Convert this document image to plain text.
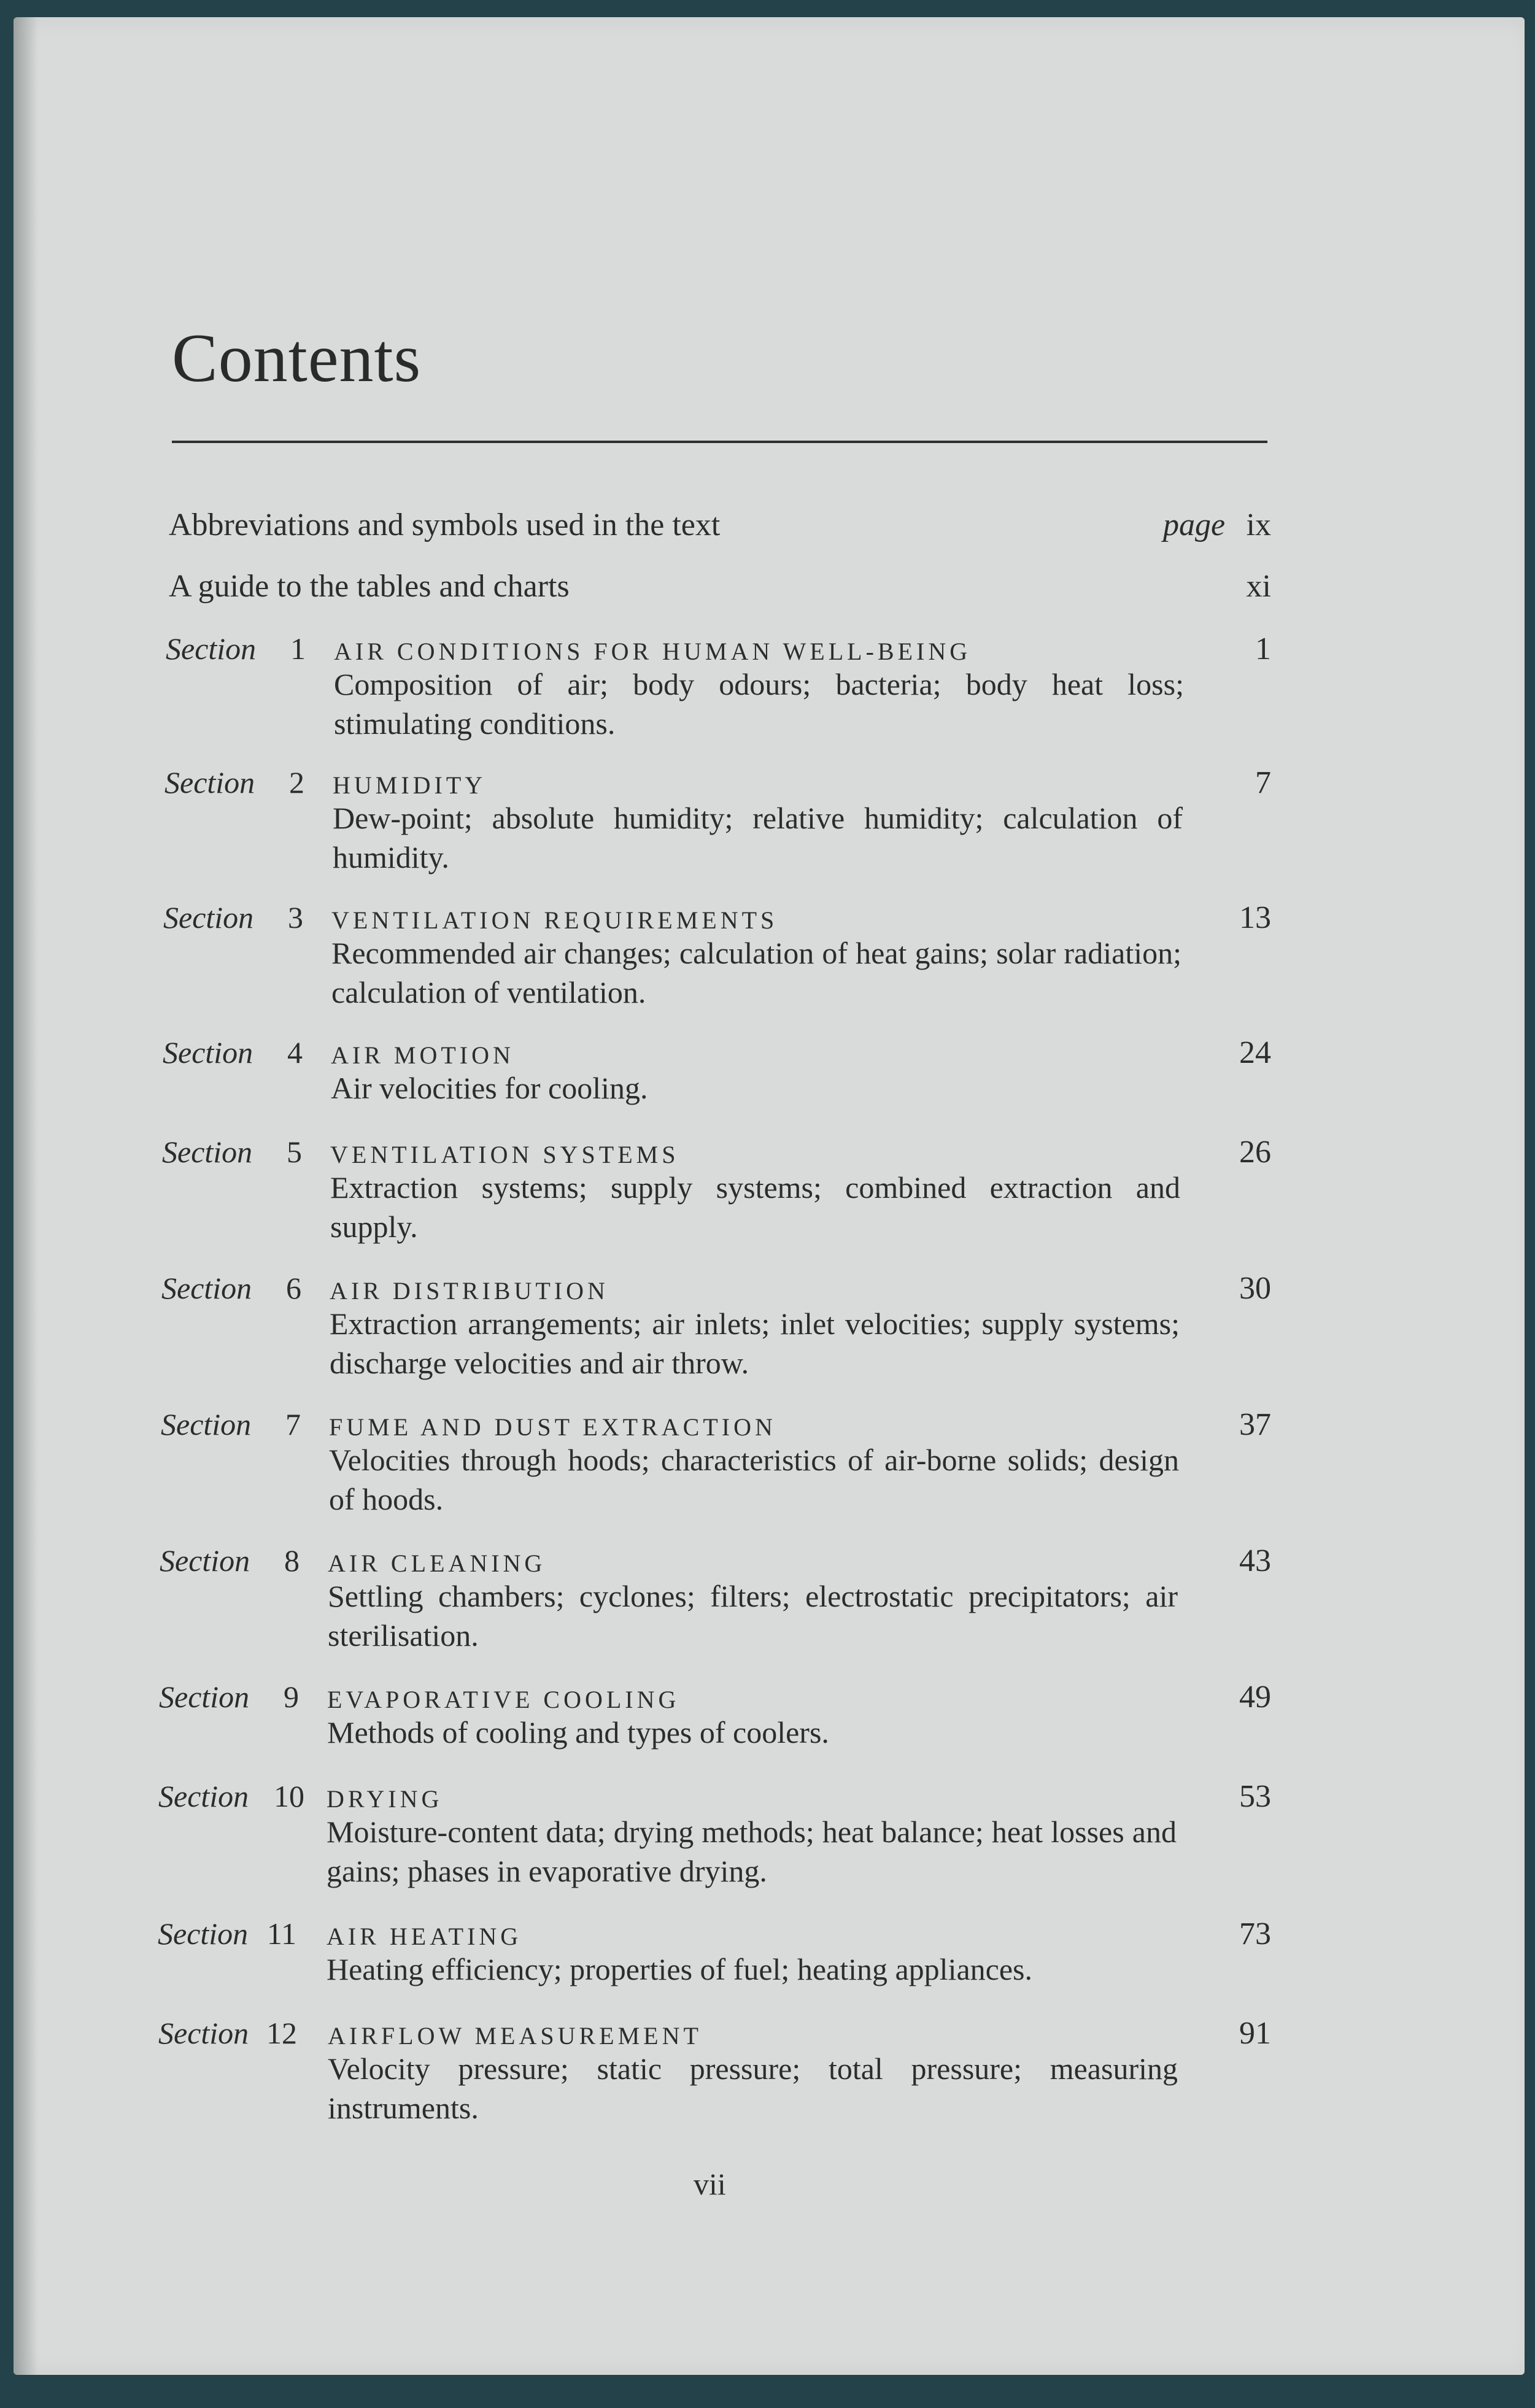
Contents
Abbreviations and symbols used in the text	page ix
A guide to the tables and charts	xi
Section	1 AIR CONDITIONS FOR HUMAN WELL-BEING	1
Composition of air; body odours; bacteria; body heat loss; stimulating conditions.
Section	2 HUMIDITY	7
Dew-point; absolute humidity; relative humidity; calculation of humidity.
Section	3 VENTILATION REQUIREMENTS	13
Recommended air changes; calculation of heat gains; solar radiation; calculation of ventilation.
Section	4 AIR MOTION	24
Air velocities for cooling.
Section	5 VENTILATION SYSTEMS	26
Extraction systems; supply systems; combined extraction and supply.
Section	6 AIR DISTRIBUTION	30
Extraction arrangements; air inlets; inlet velocities; supply systems; discharge velocities and air throw.
Section	7 FUME AND DUST EXTRACTION	37
Velocities through hoods; characteristics of air-borne solids; design of hoods.
Section	8 AIR CLEANING	43
Settling chambers; cyclones; filters; electrostatic precipitators; air sterilisation.
Section	9 EVAPORATIVE COOLING	49
Methods of cooling and types of coolers.
Section 10 DRYING	53
Moisture-content data; drying methods; heat balance; heat losses and gains; phases in evaporative drying.
Section 11 AIR HEATING	73
Heating efficiency; properties of fuel; heating appliances.
Section 12 AIRFLOW MEASUREMENT	91
Velocity pressure; static pressure; total pressure; measuring instruments.
vii
